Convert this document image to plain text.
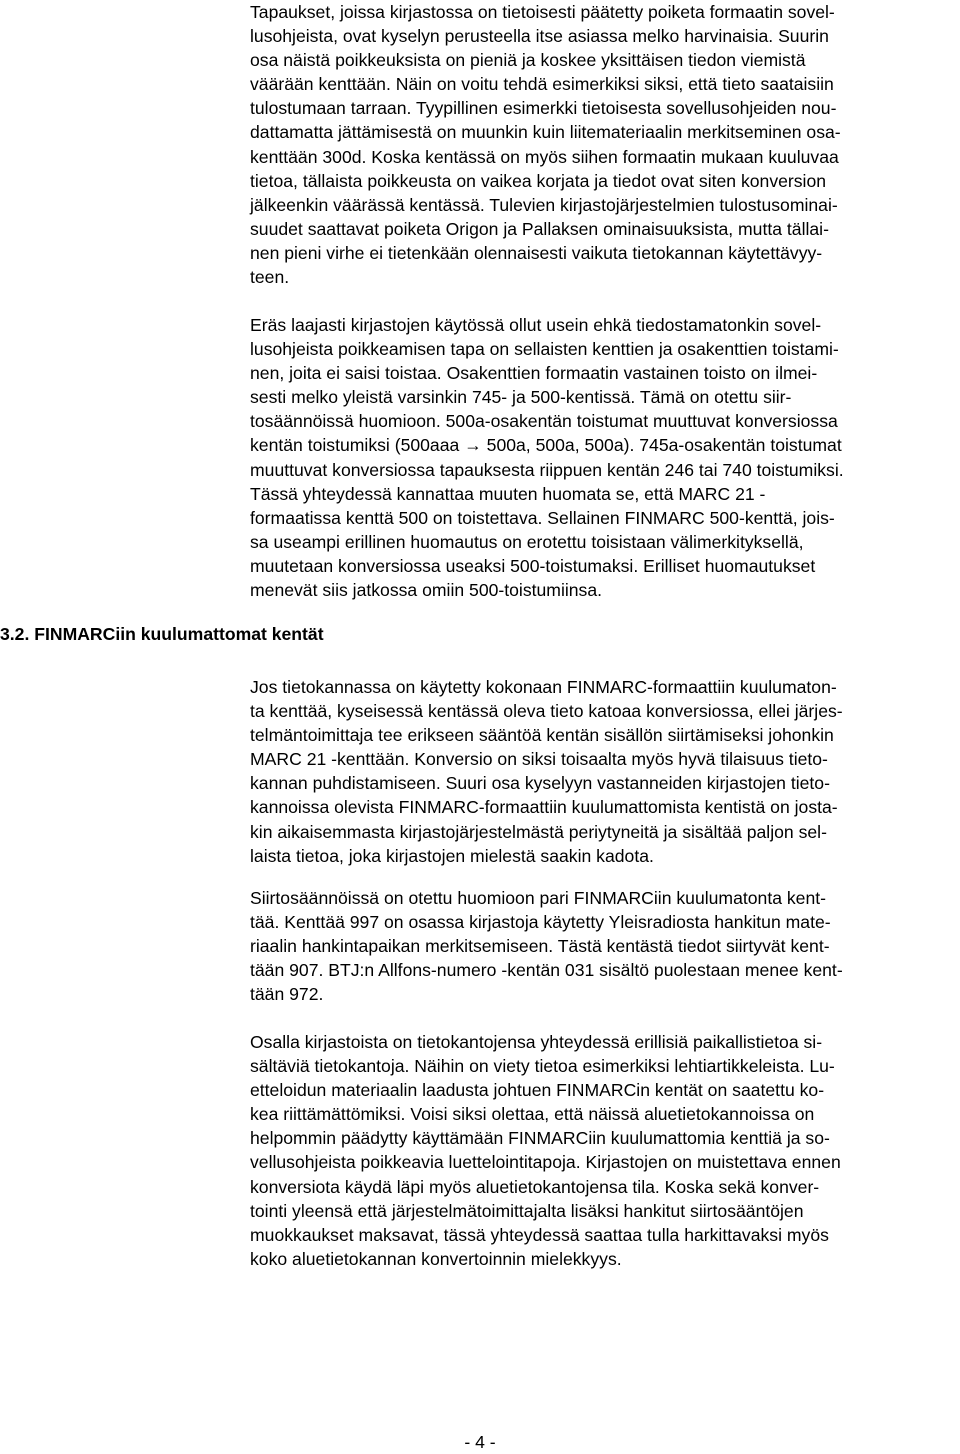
Tapaukset, joissa kirjastossa on tietoisesti päätetty poiketa formaatin sovel-
lusohjeista, ovat kyselyn perusteella itse asiassa melko harvinaisia. Suurin
osa näistä poikkeuksista on pieniä ja koskee yksittäisen tiedon viemistä
väärään kenttään. Näin on voitu tehdä esimerkiksi siksi, että tieto saataisiin
tulostumaan tarraan. Tyypillinen esimerkki tietoisesta sovellusohjeiden nou-
dattamatta jättämisestä on muunkin kuin liitemateriaalin merkitseminen osa-
kenttään 300d. Koska kentässä on myös siihen formaatin mukaan kuuluvaa
tietoa, tällaista poikkeusta on vaikea korjata ja tiedot ovat siten konversion
jälkeenkin väärässä kentässä. Tulevien kirjastojärjestelmien tulostusominai-
suudet saattavat poiketa Origon ja Pallaksen ominaisuuksista, mutta tällai-
nen pieni virhe ei tietenkään olennaisesti vaikuta tietokannan käytettävyy-
teen.
Eräs laajasti kirjastojen käytössä ollut usein ehkä tiedostamatonkin sovel-
lusohjeista poikkeamisen tapa on sellaisten kenttien ja osakenttien toistami-
nen, joita ei saisi toistaa. Osakenttien formaatin vastainen toisto on ilmei-
sesti melko yleistä varsinkin 745- ja 500-kentissä. Tämä on otettu siir-
tosäännöissä huomioon. 500a-osakentän toistumat muuttuvat konversiossa
kentän toistumiksi (500aaa → 500a, 500a, 500a). 745a-osakentän toistumat
muuttuvat konversiossa tapauksesta riippuen kentän 246 tai 740 toistumiksi.
Tässä yhteydessä kannattaa muuten huomata se, että MARC 21 -
formaatissa kenttä 500 on toistettava. Sellainen FINMARC 500-kenttä, jois-
sa useampi erillinen huomautus on erotettu toisistaan välimerkityksellä,
muutetaan konversiossa useaksi 500-toistumaksi. Erilliset huomautukset
menevät siis jatkossa omiin 500-toistumiinsa.
3.2. FINMARCiin kuulumattomat kentät
Jos tietokannassa on käytetty kokonaan FINMARC-formaattiin kuulumaton-
ta kenttää, kyseisessä kentässä oleva tieto katoaa konversiossa, ellei järjes-
telmäntoimittaja tee erikseen sääntöä kentän sisällön siirtämiseksi johonkin
MARC 21 -kenttään. Konversio on siksi toisaalta myös hyvä tilaisuus tieto-
kannan puhdistamiseen. Suuri osa kyselyyn vastanneiden kirjastojen tieto-
kannoissa olevista FINMARC-formaattiin kuulumattomista kentistä on josta-
kin aikaisemmasta kirjastojärjestelmästä periytyneitä ja sisältää paljon sel-
laista tietoa, joka kirjastojen mielestä saakin kadota.
Siirtosäännöissä on otettu huomioon pari FINMARCiin kuulumatonta kent-
tää. Kenttää 997 on osassa kirjastoja käytetty Yleisradiosta hankitun mate-
riaalin hankintapaikan merkitsemiseen. Tästä kentästä tiedot siirtyvät kent-
tään 907. BTJ:n Allfons-numero -kentän 031 sisältö puolestaan menee kent-
tään 972.
Osalla kirjastoista on tietokantojensa yhteydessä erillisiä paikallistietoa si-
sältäviä tietokantoja. Näihin on viety tietoa esimerkiksi lehtiartikkeleista. Lu-
etteloidun materiaalin laadusta johtuen FINMARCin kentät on saatettu ko-
kea riittämättömiksi. Voisi siksi olettaa, että näissä aluetietokannoissa on
helpommin päädytty käyttämään FINMARCiin kuulumattomia kenttiä ja so-
vellusohjeista poikkeavia luettelointitapoja. Kirjastojen on muistettava ennen
konversiota käydä läpi myös aluetietokantojensa tila. Koska sekä konver-
tointi yleensä että järjestelmätoimittajalta lisäksi hankitut siirtosääntöjen
muokkaukset maksavat, tässä yhteydessä saattaa tulla harkittavaksi myös
koko aluetietokannan konvertoinnin mielekkyys.

- 4 -
